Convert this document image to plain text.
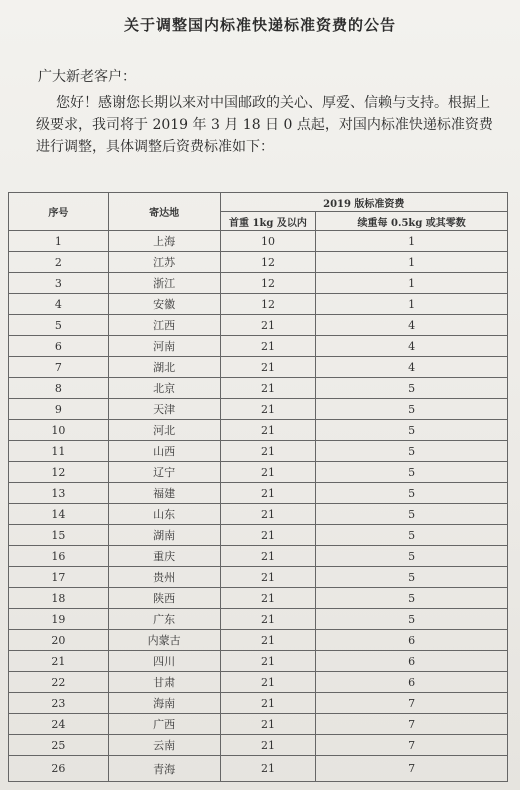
关于调整国内标准快递标准资费的公告
广大新老客户：
您好！感谢您长期以来对中国邮政的关心、厚爱、信赖与支持。根据上级要求，我司将于 2019 年 3 月 18 日 0 点起，对国内标准快递标准资费进行调整，具体调整后资费标准如下：
序号	寄达地	2019 版标准资费	
		首重 1kg 及以内	续重每 0.5kg 或其零数
1	上海	10	1
2	江苏	12	1
3	浙江	12	1
4	安徽	12	1
5	江西	21	4
6	河南	21	4
7	湖北	21	4
8	北京	21	5
9	天津	21	5
10	河北	21	5
11	山西	21	5
12	辽宁	21	5
13	福建	21	5
14	山东	21	5
15	湖南	21	5
16	重庆	21	5
17	贵州	21	5
18	陕西	21	5
19	广东	21	5
20	内蒙古	21	6
21	四川	21	6
22	甘肃	21	6
23	海南	21	7
24	广西	21	7
25	云南	21	7
26	青海	21	7
